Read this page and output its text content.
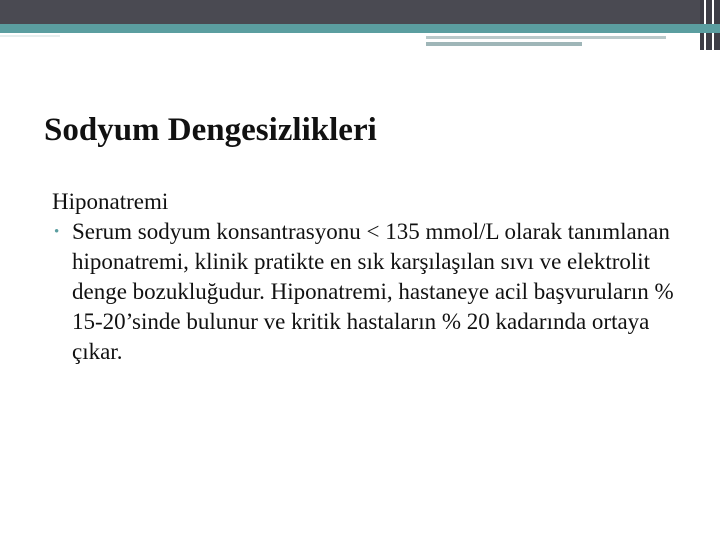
Sodyum Dengesizlikleri
Hiponatremi
• Serum sodyum konsantrasyonu < 135 mmol/L olarak tanımlanan hiponatremi, klinik pratikte en sık karşılaşılan sıvı ve elektrolit denge bozukluğudur. Hiponatremi, hastaneye acil başvuruların % 15-20’sinde bulunur ve kritik hastaların % 20 kadarında ortaya çıkar.
